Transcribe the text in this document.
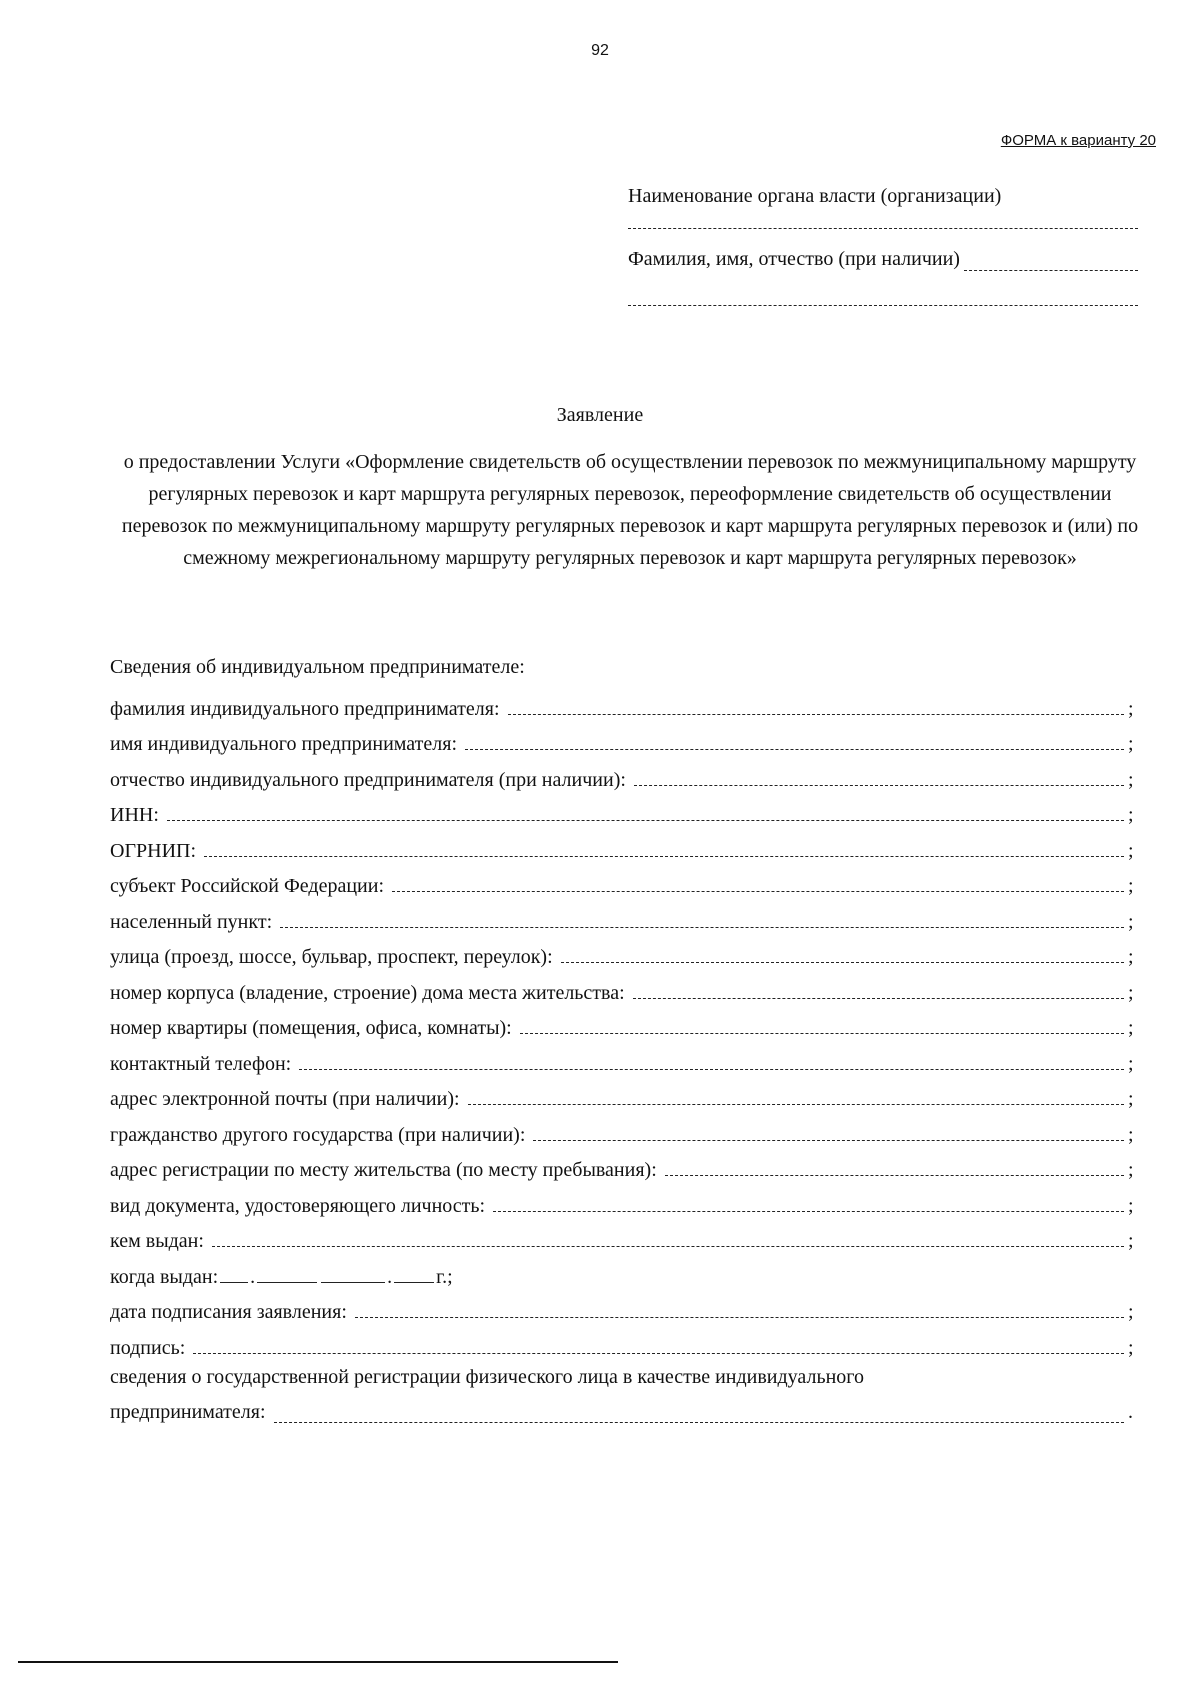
92
ФОРМА к варианту 20
Наименование органа власти (организации)
Фамилия, имя, отчество (при наличии)
Заявление
о предоставлении Услуги «Оформление свидетельств об осуществлении перевозок по межмуниципальному маршруту регулярных перевозок и карт маршрута регулярных перевозок, переоформление свидетельств об осуществлении перевозок по межмуниципальному маршруту регулярных перевозок и карт маршрута регулярных перевозок и (или) по смежному межрегиональному маршруту регулярных перевозок и карт маршрута регулярных перевозок»
Сведения об индивидуальном предпринимателе:
фамилия индивидуального предпринимателя:	;
имя индивидуального предпринимателя:	;
отчество индивидуального предпринимателя (при наличии):	;
ИНН:	;
ОГРНИП:	;
субъект Российской Федерации:	;
населенный пункт:	;
улица (проезд, шоссе, бульвар, проспект, переулок):	;
номер корпуса (владение, строение) дома места жительства:	;
номер квартиры (помещения, офиса, комнаты):	;
контактный телефон:	;
адрес электронной почты (при наличии):	;
гражданство другого государства (при наличии):	;
адрес регистрации по месту жительства (по месту пребывания):	;
вид документа, удостоверяющего личность:	;
кем выдан:	;
когда выдан: .	. г.;
дата подписания заявления:	;
подпись:	;
сведения о государственной регистрации физического лица в качестве индивидуального
предпринимателя:	.
